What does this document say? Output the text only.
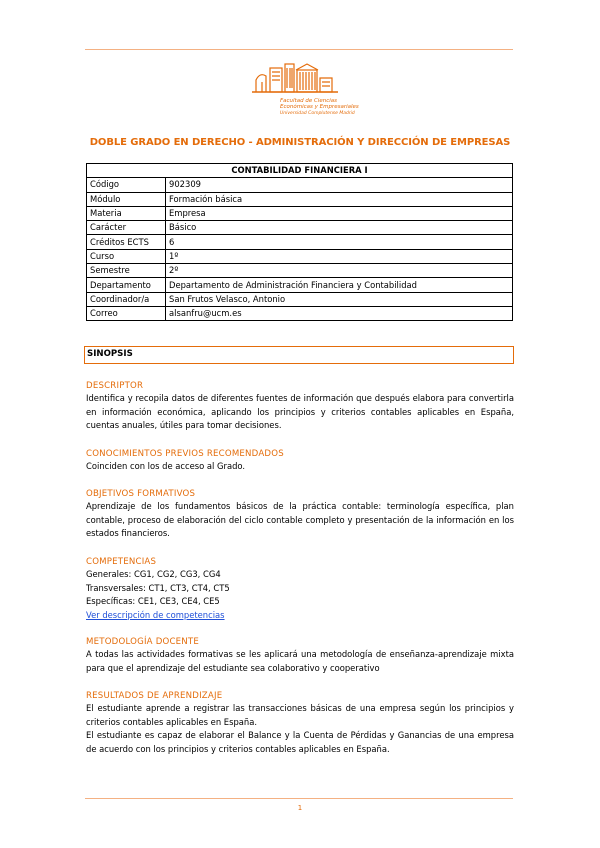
Facultad de Ciencias
Económicas y Empresariales
Universidad Complutense Madrid
DOBLE GRADO EN DERECHO - ADMINISTRACIÓN Y DIRECCIÓN DE EMPRESAS
CONTABILIDAD FINANCIERA I	
Código	902309
Módulo	Formación básica
Materia	Empresa
Carácter	Básico
Créditos ECTS	6
Curso	1º
Semestre	2º
Departamento	Departamento de Administración Financiera y Contabilidad
Coordinador/a	San Frutos Velasco, Antonio
Correo	alsanfru@ucm.es
SINOPSIS
DESCRIPTOR
Identifica y recopila datos de diferentes fuentes de información que después elabora para convertirla en información económica, aplicando los principios y criterios contables aplicables en España, cuentas anuales, útiles para tomar decisiones.
CONOCIMIENTOS PREVIOS RECOMENDADOS
Coinciden con los de acceso al Grado.
OBJETIVOS FORMATIVOS
Aprendizaje de los fundamentos básicos de la práctica contable: terminología específica, plan contable, proceso de elaboración del ciclo contable completo y presentación de la información en los estados financieros.
COMPETENCIAS
Generales: CG1, CG2, CG3, CG4
Transversales: CT1, CT3, CT4, CT5
Específicas: CE1, CE3, CE4, CE5
Ver descripción de competencias
METODOLOGÍA DOCENTE
A todas las actividades formativas se les aplicará una metodología de enseñanza-aprendizaje mixta para que el aprendizaje del estudiante sea colaborativo y cooperativo
RESULTADOS DE APRENDIZAJE
El estudiante aprende a registrar las transacciones básicas de una empresa según los principios y criterios contables aplicables en España.
El estudiante es capaz de elaborar el Balance y la Cuenta de Pérdidas y Ganancias de una empresa de acuerdo con los principios y criterios contables aplicables en España.
1
